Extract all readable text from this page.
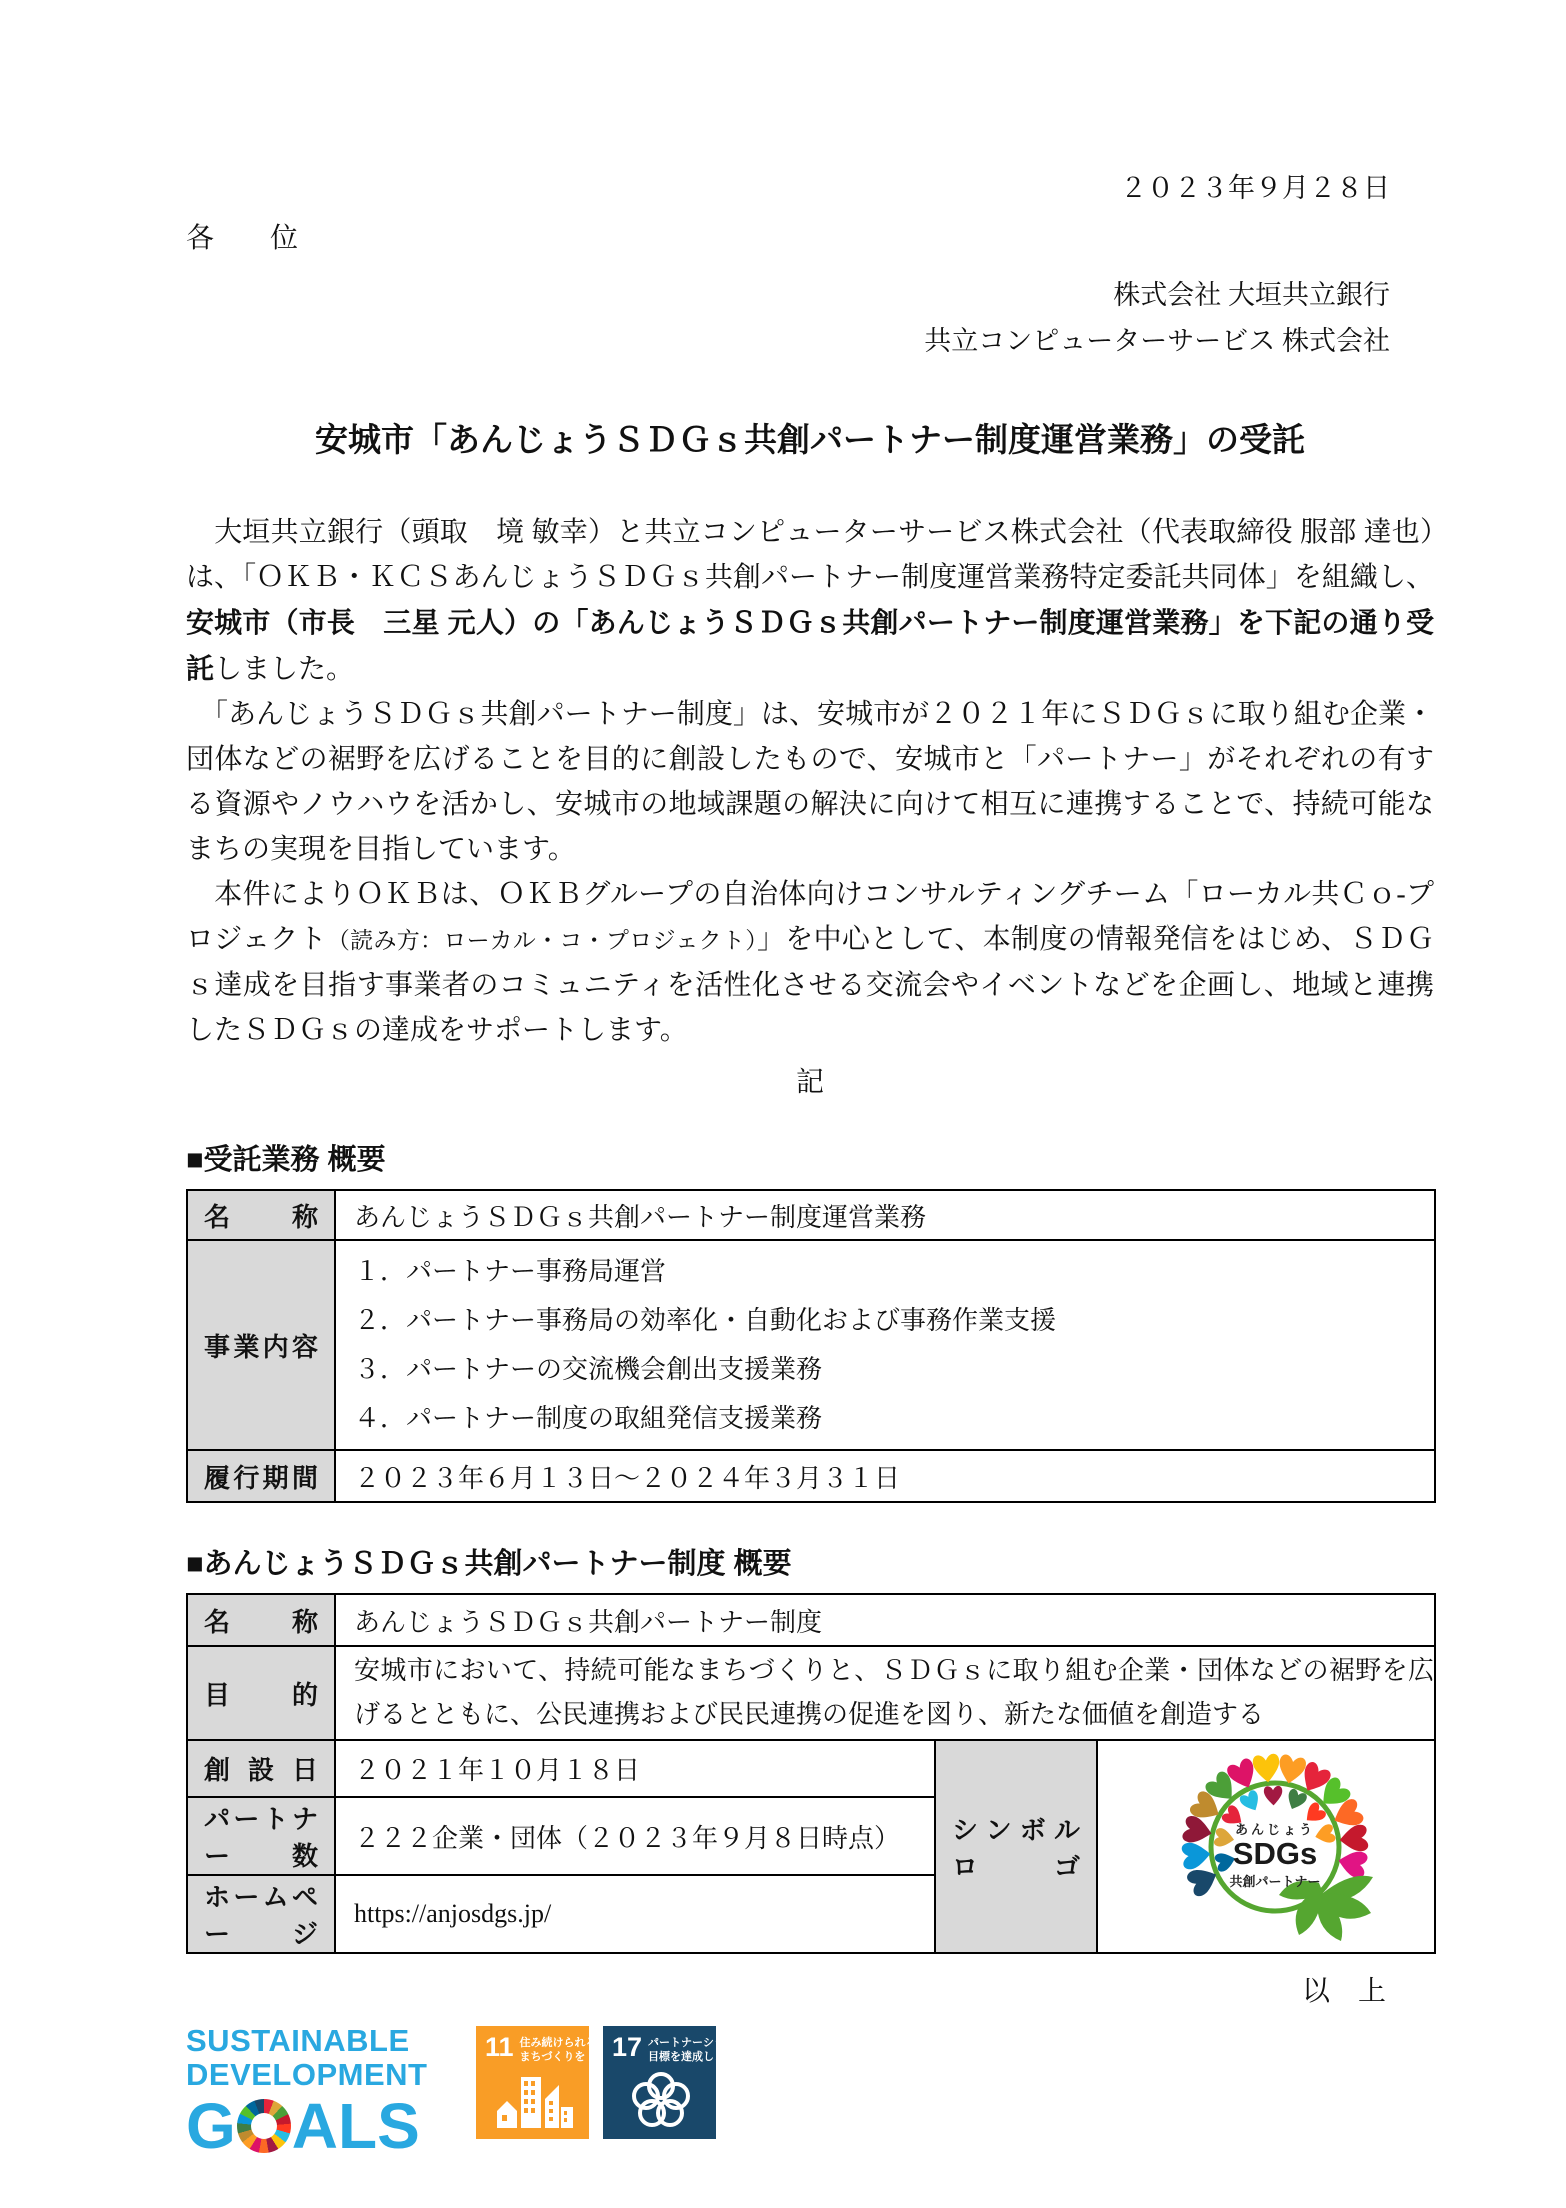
２０２３年９月２８日
各　　位
株式会社 大垣共立銀行
共立コンピューターサービス 株式会社
安城市「あんじょうＳＤＧｓ共創パートナー制度運営業務」の受託

　大垣共立銀行（頭取　境 敏幸）と共立コンピューターサービス株式会社（代表取締役 服部 達也）は、「ＯＫＢ・ＫＣＳあんじょうＳＤＧｓ共創パートナー制度運営業務特定委託共同体」を組織し、安城市（市長　三星 元人）の「あんじょうＳＤＧｓ共創パートナー制度運営業務」を下記の通り受託しました。

　「あんじょうＳＤＧｓ共創パートナー制度」は、安城市が２０２１年にＳＤＧｓに取り組む企業・団体などの裾野を広げることを目的に創設したもので、安城市と「パートナー」がそれぞれの有する資源やノウハウを活かし、安城市の地域課題の解決に向けて相互に連携することで、持続可能なまちの実現を目指しています。

　本件によりＯＫＢは、ＯＫＢグループの自治体向けコンサルティングチーム「ローカル共Ｃｏ‐プロジェクト（読み方：ローカル・コ・プロジェクト）」を中心として、本制度の情報発信をはじめ、ＳＤＧｓ達成を目指す事業者のコミュニティを活性化させる交流会やイベントなどを企画し、地域と連携したＳＤＧｓの達成をサポートします。

記
■受託業務 概要
名称	あんじょうＳＤＧｓ共創パートナー制度運営業務
事業内容	１．パートナー事務局運営
２．パートナー事務局の効率化・自動化および事務作業支援
３．パートナーの交流機会創出支援業務
４．パートナー制度の取組発信支援業務

履行期間	２０２３年６月１３日～２０２４年３月３１日
■あんじょうＳＤＧｓ共創パートナー制度 概要
名称	あんじょうＳＤＧｓ共創パートナー制度		
目的	安城市において、持続可能なまちづくりと、ＳＤＧｓに取り組む企業・団体などの裾野を広げるとともに、公民連携および民民連携の促進を図り、新たな価値を創造する		
創設日	２０２１年１０月１８日	シンボルロゴ	あんじょう
SDGs
共創パートナー

パートナー数	２２２企業・団体（２０２３年９月８日時点）		
ホームページ	https://anjosdgs.jp/		
以　上
SUSTAINABLE
DEVELOPMENT
G ALS
11 住み続けられる
まちづくりを 17 パートナーシップで
目標を達成しよう
